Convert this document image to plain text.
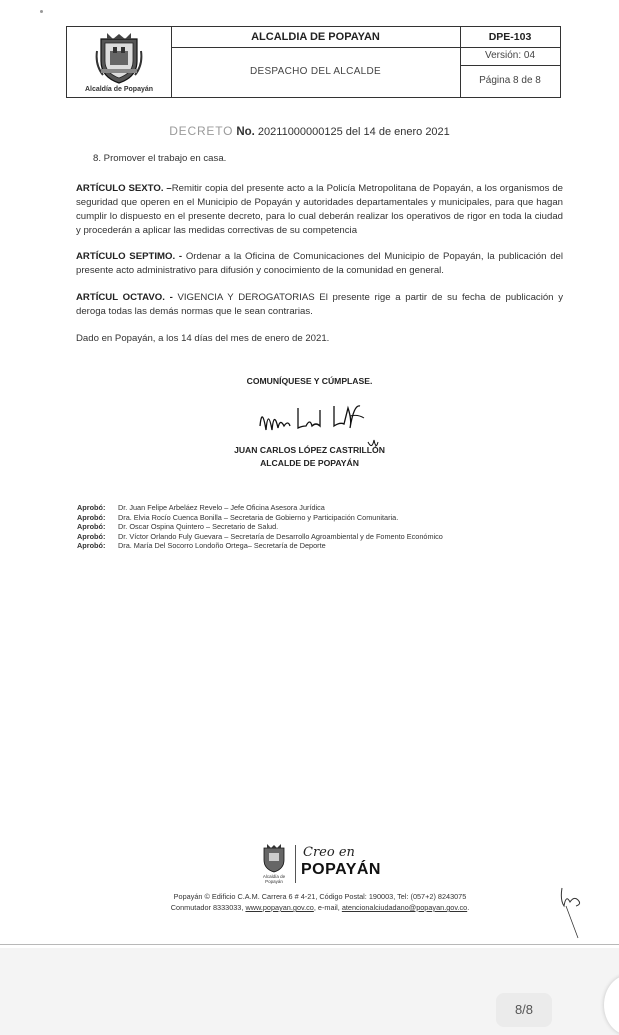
Alcaldía de Popayán
ALCALDIA DE POPAYAN
DESPACHO DEL ALCALDE
DPE-103
Versión: 04
Página 8 de 8
DECRETO No. 20211000000125 del 14 de enero 2021
8. Promover el trabajo en casa.
ARTÍCULO SEXTO. –Remitir copia del presente acto a la Policía Metropolitana de Popayán, a los organismos de seguridad que operen en el Municipio de Popayán y autoridades departamentales y municipales, para que hagan cumplir lo dispuesto en el presente decreto, para lo cual deberán realizar los operativos de rigor en toda la ciudad y procederán a aplicar las medidas correctivas de su competencia
ARTÍCULO SEPTIMO. - Ordenar a la Oficina de Comunicaciones del Municipio de Popayán, la publicación del presente acto administrativo para difusión y conocimiento de la comunidad en general.
ARTÍCUL OCTAVO. - VIGENCIA Y DEROGATORIAS El presente rige a partir de su fecha de publicación y deroga todas las demás normas que le sean contrarias.
Dado en Popayán, a los 14 días del mes de enero de 2021.
COMUNÍQUESE Y CÚMPLASE.
JUAN CARLOS LÓPEZ CASTRILLÓN
ALCALDE DE POPAYÁN
Aprobó: Dr. Juan Felipe Arbeláez Revelo – Jefe Oficina Asesora Jurídica
Aprobó: Dra. Elvia Rocío Cuenca Bonilla – Secretaria de Gobierno y Participación Comunitaria.
Aprobó: Dr. Oscar Ospina Quintero – Secretario de Salud.
Aprobó: Dr. Víctor Orlando Fuly Guevara – Secretaría de Desarrollo Agroambiental y de Fomento Económico
Aprobó: Dra. María Del Socorro Londoño Ortega– Secretaría de Deporte
Alcaldía de Popayán
Creo en
POPAYÁN
Popayán © Edificio C.A.M. Carrera 6 # 4-21, Código Postal: 190003, Tel: (057+2) 8243075
Conmutador 8333033, www.popayan.gov.co, e-mail, atencionalciudadano@popayan.gov.co.
8/8
